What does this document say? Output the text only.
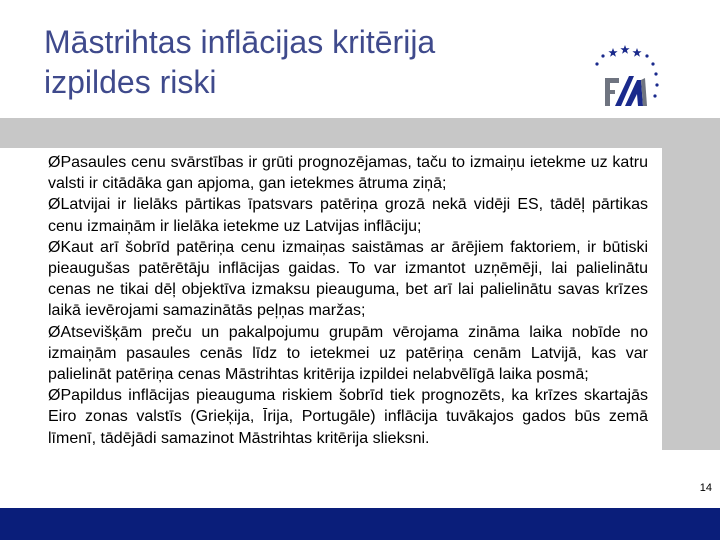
Māstrihtas inflācijas kritērija
izpildes riski

ØPasaules cenu svārstības ir grūti prognozējamas, taču to izmaiņu ietekme uz katru valsti ir citādāka gan apjoma, gan ietekmes ātruma ziņā;

ØLatvijai ir lielāks pārtikas īpatsvars patēriņa grozā nekā vidēji ES, tādēļ pārtikas cenu izmaiņām ir lielāka ietekme uz Latvijas inflāciju;

ØKaut arī šobrīd patēriņa cenu izmaiņas saistāmas ar ārējiem faktoriem, ir būtiski pieaugušas patērētāju inflācijas gaidas. To var izmantot uzņēmēji, lai palielinātu cenas ne tikai dēļ objektīva izmaksu pieauguma, bet arī lai palielinātu savas krīzes laikā ievērojami samazinātās peļņas maržas;

ØAtsevišķām preču un pakalpojumu grupām vērojama zināma laika nobīde no izmaiņām pasaules cenās līdz to ietekmei uz patēriņa cenām Latvijā, kas var palielināt patēriņa cenas Māstrihtas kritērija izpildei nelabvēlīgā laika posmā;

ØPapildus inflācijas pieauguma riskiem šobrīd tiek prognozēts, ka krīzes skartajās Eiro zonas valstīs (Grieķija, Īrija, Portugāle) inflācija tuvākajos gados būs zemā līmenī, tādējādi samazinot Māstrihtas kritērija slieksni.

14
